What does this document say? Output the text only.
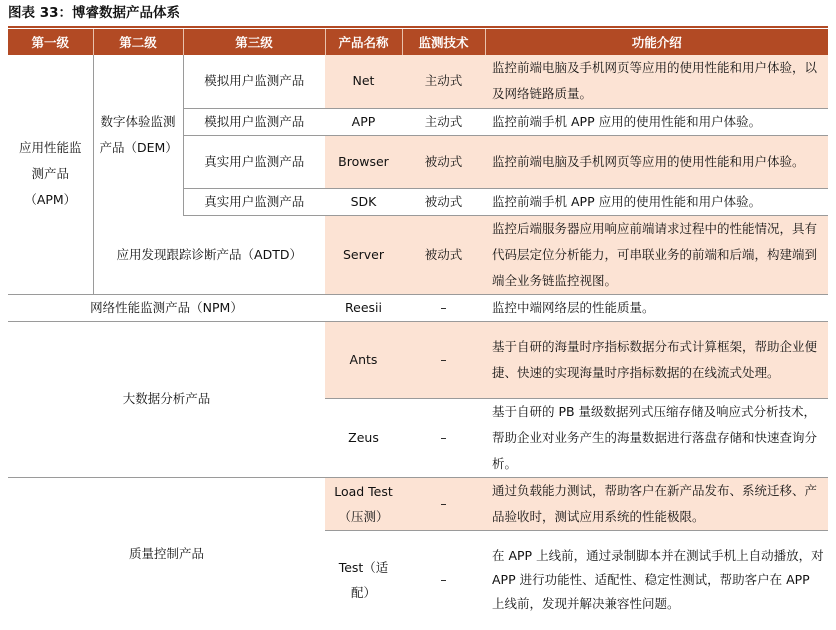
图表 33：博睿数据产品体系
第一级	第二级	第三级	产品名称	监测技术	功能介绍
应用性能监测产品（APM）	数字体验监测产品（DEM）	模拟用户监测产品	Net	主动式	监控前端电脑及手机网页等应用的使用性能和用户体验，以及网络链路质量。
		模拟用户监测产品	APP	主动式	监控前端手机 APP 应用的使用性能和用户体验。
		真实用户监测产品	Browser	被动式	监控前端电脑及手机网页等应用的使用性能和用户体验。
		真实用户监测产品	SDK	被动式	监控前端手机 APP 应用的使用性能和用户体验。
	应用发现跟踪诊断产品（ADTD）		Server	被动式	监控后端服务器应用响应前端请求过程中的性能情况，具有代码层定位分析能力，可串联业务的前端和后端，构建端到端全业务链监控视图。
网络性能监测产品（NPM）			Reesii	–	监控中端网络层的性能质量。
大数据分析产品			Ants	–	基于自研的海量时序指标数据分布式计算框架，帮助企业便捷、快速的实现海量时序指标数据的在线流式处理。
			Zeus	–	基于自研的 PB 量级数据列式压缩存储及响应式分析技术，帮助企业对业务产生的海量数据进行落盘存储和快速查询分析。
质量控制产品			Load Test（压测）	–	通过负载能力测试，帮助客户在新产品发布、系统迁移、产品验收时，测试应用系统的性能极限。
			Test（适配）	–	在 APP 上线前，通过录制脚本并在测试手机上自动播放，对 APP 进行功能性、适配性、稳定性测试，帮助客户在 APP 上线前，发现并解决兼容性问题。
